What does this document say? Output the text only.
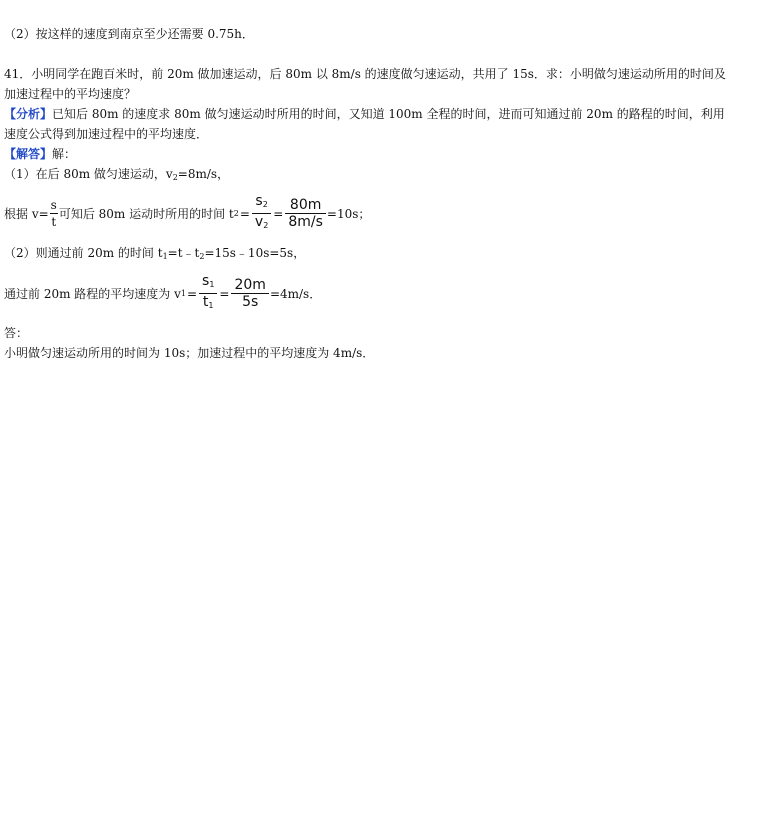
（2）按这样的速度到南京至少还需要 0.75h．
41．小明同学在跑百米时，前 20m 做加速运动，后 80m 以 8m/s 的速度做匀速运动，共用了 15s．求：小明做匀速运动所用的时间及
加速过程中的平均速度？
【分析】已知后 80m 的速度求 80m 做匀速运动时所用的时间，又知道 100m 全程的时间，进而可知通过前 20m 的路程的时间，利用
速度公式得到加速过程中的平均速度．
【解答】解：
（1）在后 80m 做匀速运动，$v_2=8m/s$，
根据 $v= \frac{s}{t}$ 可知后 80m 运动时所用的时间 t $2 = \frac{s_2}{v_2} = \frac{80m}{8m/s} =10s$；
（2）则通过前 20m 的时间 $t_1=t﹣t_2=15s﹣10s=5s$，
通过前 20m 路程的平均速度为 v $1 = \frac{s_1}{t_1} = \frac{20m}{5s} =4m/s$．
答：
小明做匀速运动所用的时间为 10s；加速过程中的平均速度为 4m/s．
